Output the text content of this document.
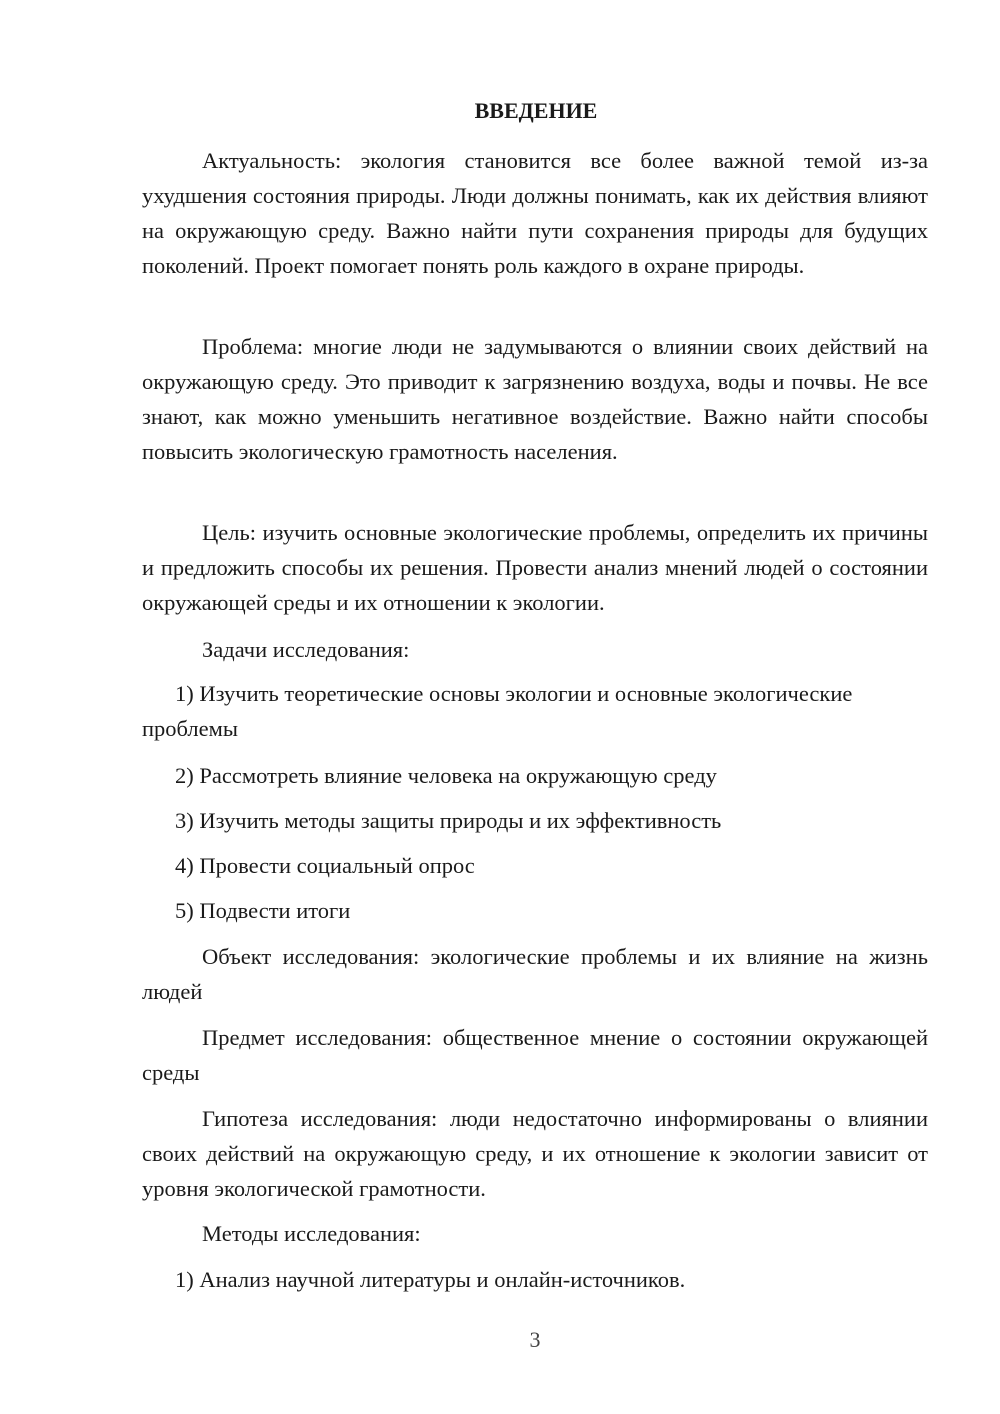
ВВЕДЕНИЕ

Актуальность: экология становится все более важной темой из-за ухудшения состояния природы. Люди должны понимать, как их действия влияют на окружающую среду. Важно найти пути сохранения природы для будущих поколений. Проект помогает понять роль каждого в охране природы.

Проблема: многие люди не задумываются о влиянии своих действий на окружающую среду. Это приводит к загрязнению воздуха, воды и почвы. Не все знают, как можно уменьшить негативное воздействие. Важно найти способы повысить экологическую грамотность населения.

Цель: изучить основные экологические проблемы, определить их причины и предложить способы их решения. Провести анализ мнений людей о состоянии окружающей среды и их отношении к экологии.

Задачи исследования:

1) Изучить теоретические основы экологии и основные экологические проблемы

2) Рассмотреть влияние человека на окружающую среду

3) Изучить методы защиты природы и их эффективность

4) Провести социальный опрос

5) Подвести итоги

Объект исследования: экологические проблемы и их влияние на жизнь людей

Предмет исследования: общественное мнение о состоянии окружающей среды

Гипотеза исследования: люди недостаточно информированы о влиянии своих действий на окружающую среду, и их отношение к экологии зависит от уровня экологической грамотности.

Методы исследования:

1) Анализ научной литературы и онлайн-источников.

3
